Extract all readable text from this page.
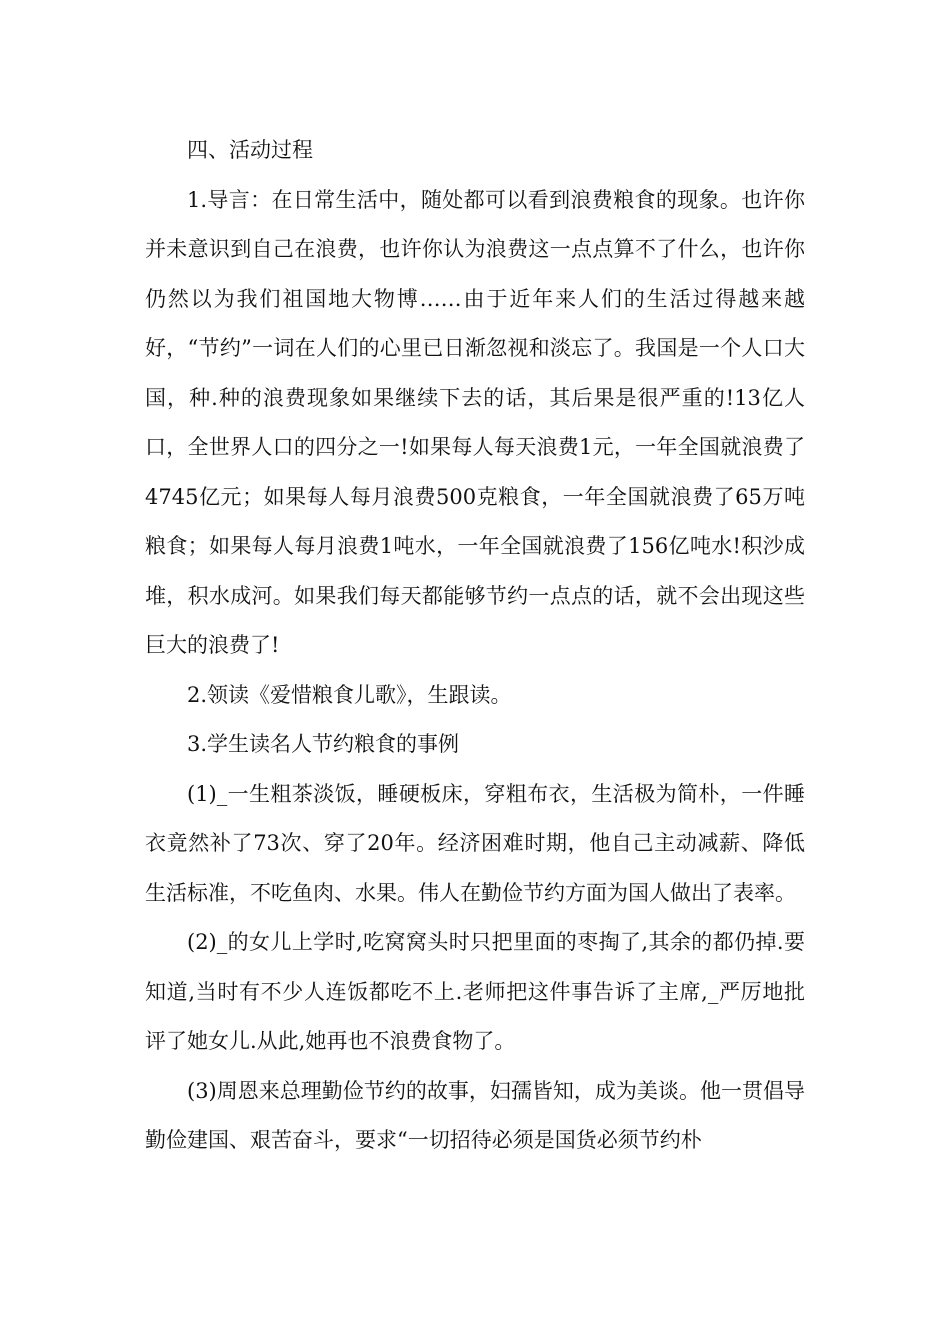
四、活动过程

1.导言：在日常生活中，随处都可以看到浪费粮食的现象。也许你并未意识到自己在浪费，也许你认为浪费这一点点算不了什么，也许你仍然以为我们祖国地大物博……由于近年来人们的生活过得越来越好，“节约”一词在人们的心里已日渐忽视和淡忘了。我国是一个人口大国，种.种的浪费现象如果继续下去的话，其后果是很严重的!13亿人口，全世界人口的四分之一!如果每人每天浪费1元，一年全国就浪费了4745亿元；如果每人每月浪费500克粮食，一年全国就浪费了65万吨粮食；如果每人每月浪费1吨水，一年全国就浪费了156亿吨水!积沙成堆，积水成河。如果我们每天都能够节约一点点的话，就不会出现这些巨大的浪费了!

2.领读《爱惜粮食儿歌》，生跟读。

3.学生读名人节约粮食的事例

(1)_一生粗茶淡饭，睡硬板床，穿粗布衣，生活极为简朴，一件睡衣竟然补了73次、穿了20年。经济困难时期，他自己主动减薪、降低生活标准，不吃鱼肉、水果。伟人在勤俭节约方面为国人做出了表率。

(2)_的女儿上学时,吃窝窝头时只把里面的枣掏了,其余的都仍掉.要知道,当时有不少人连饭都吃不上.老师把这件事告诉了主席,_严厉地批评了她女儿.从此,她再也不浪费食物了。

(3)周恩来总理勤俭节约的故事，妇孺皆知，成为美谈。他一贯倡导勤俭建国、艰苦奋斗，要求“一切招待必须是国货必须节约朴
